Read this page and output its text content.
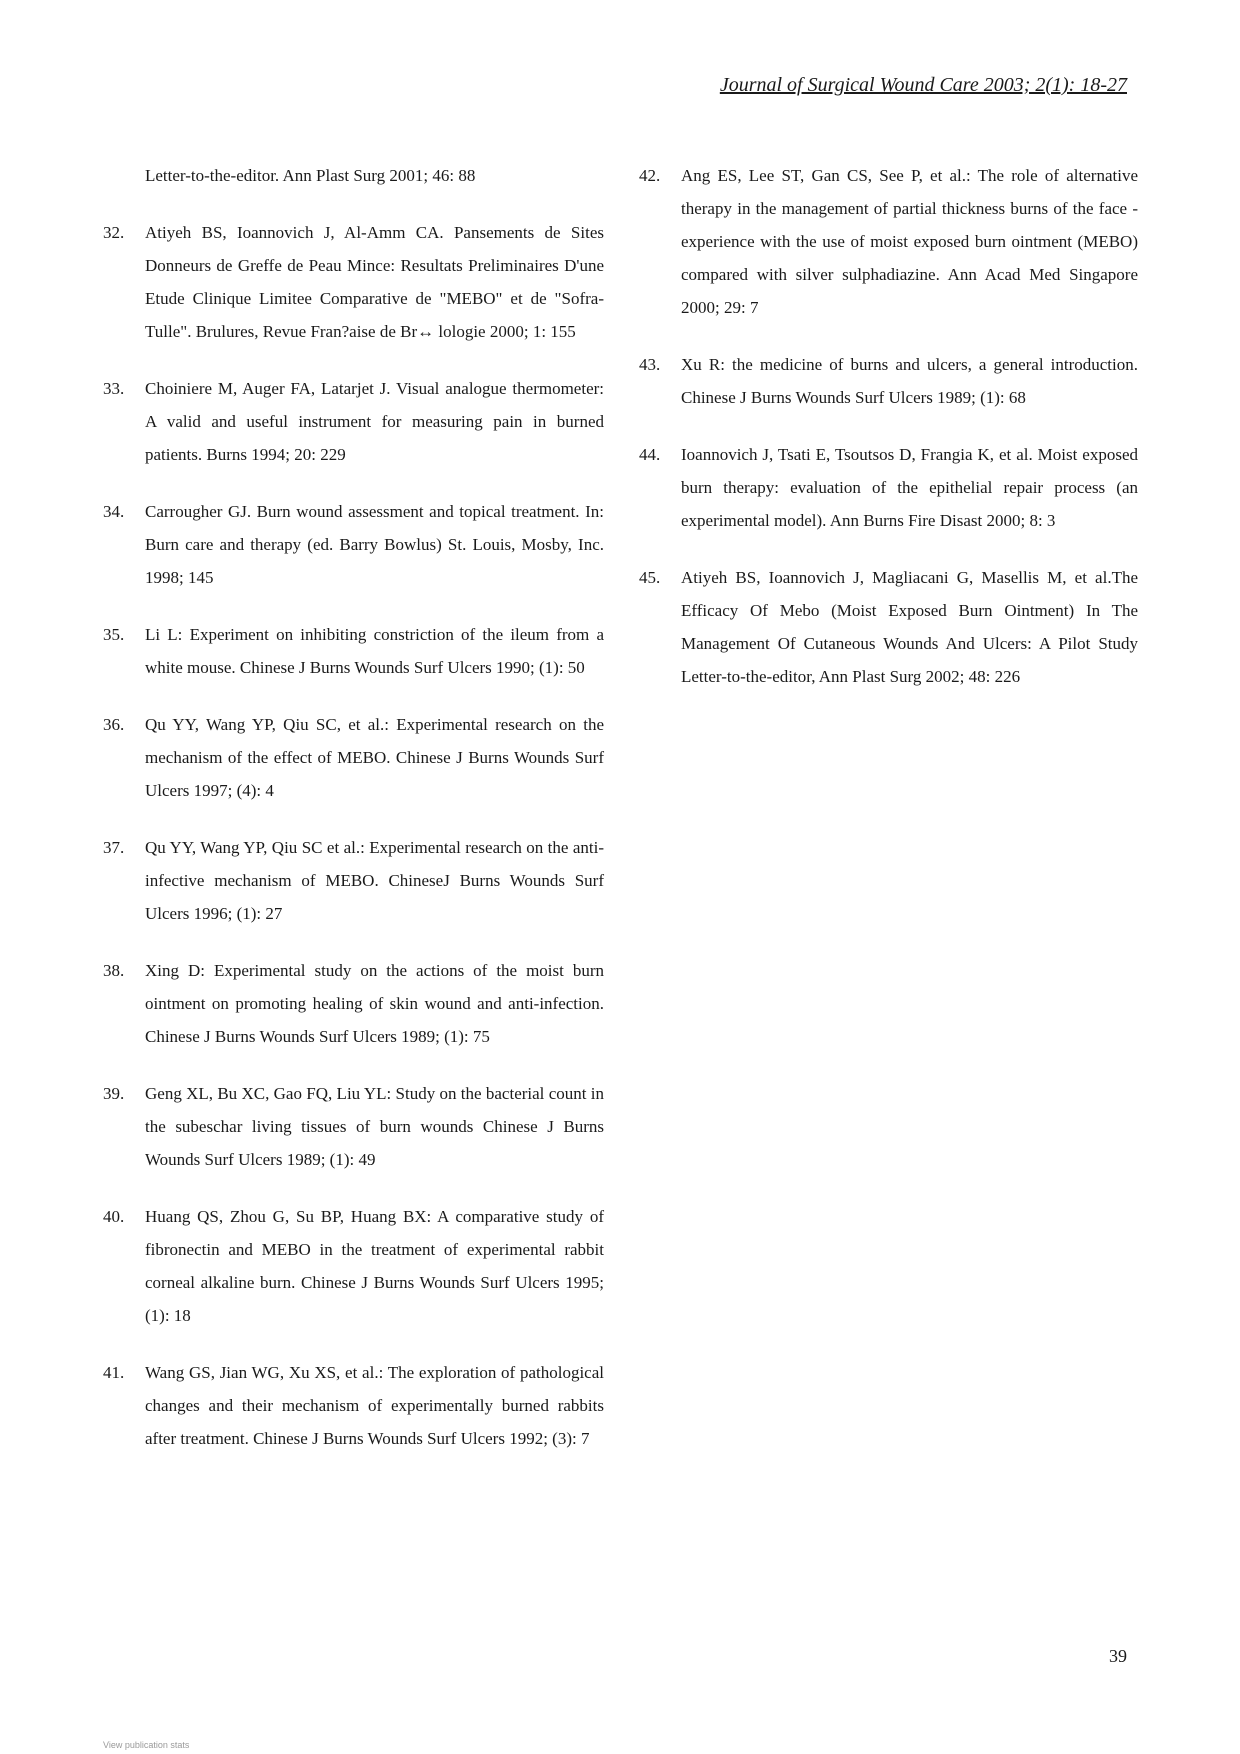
Journal of Surgical Wound Care 2003; 2(1): 18-27
Letter-to-the-editor. Ann Plast Surg 2001; 46: 88
32.	Atiyeh BS, Ioannovich J, Al-Amm CA. Pansements de Sites Donneurs de Greffe de Peau Mince: Resultats Preliminaires D'une Etude Clinique Limitee Comparative de "MEBO" et de "Sofra-Tulle". Brulures, Revue Fran?aise de Br↔ lologie 2000; 1: 155
33.	Choiniere M, Auger FA, Latarjet J. Visual analogue thermometer: A valid and useful instrument for measuring pain in burned patients. Burns 1994; 20: 229
34.	Carrougher GJ. Burn wound assessment and topical treatment. In: Burn care and therapy (ed. Barry Bowlus) St. Louis, Mosby, Inc. 1998; 145
35.	Li L: Experiment on inhibiting constriction of the ileum from a white mouse. Chinese J Burns Wounds Surf Ulcers 1990; (1): 50
36.	Qu YY, Wang YP, Qiu SC, et al.: Experimental research on the mechanism of the effect of MEBO. Chinese J Burns Wounds Surf Ulcers 1997; (4): 4
37.	Qu YY, Wang YP, Qiu SC et al.: Experimental research on the anti-infective mechanism of MEBO. ChineseJ Burns Wounds Surf Ulcers 1996; (1): 27
38.	Xing D: Experimental study on the actions of the moist burn ointment on promoting healing of skin wound and anti-infection. Chinese J Burns Wounds Surf Ulcers 1989; (1): 75
39.	Geng XL, Bu XC, Gao FQ, Liu YL: Study on the bacterial count in the subeschar living tissues of burn wounds Chinese J Burns Wounds Surf Ulcers 1989; (1): 49
40.	Huang QS, Zhou G, Su BP, Huang BX: A comparative study of fibronectin and MEBO in the treatment of experimental rabbit corneal alkaline burn. Chinese J Burns Wounds Surf Ulcers 1995; (1): 18
41.	Wang GS, Jian WG, Xu XS, et al.: The exploration of pathological changes and their mechanism of experimentally burned rabbits after treatment. Chinese J Burns Wounds Surf Ulcers 1992; (3): 7
42.	Ang ES, Lee ST, Gan CS, See P, et al.: The role of alternative therapy in the management of partial thickness burns of the face - experience with the use of moist exposed burn ointment (MEBO) compared with silver sulphadiazine. Ann Acad Med Singapore 2000; 29: 7
43.	Xu R: the medicine of burns and ulcers, a general introduction. Chinese J Burns Wounds Surf Ulcers 1989; (1): 68
44.	Ioannovich J, Tsati E, Tsoutsos D, Frangia K, et al. Moist exposed burn therapy: evaluation of the epithelial repair process (an experimental model). Ann Burns Fire Disast 2000; 8: 3
45.	Atiyeh BS, Ioannovich J, Magliacani G, Masellis M, et al.The Efficacy Of Mebo (Moist Exposed Burn Ointment) In The Management Of Cutaneous Wounds And Ulcers: A Pilot Study Letter-to-the-editor, Ann Plast Surg 2002; 48: 226
39
View publication stats
